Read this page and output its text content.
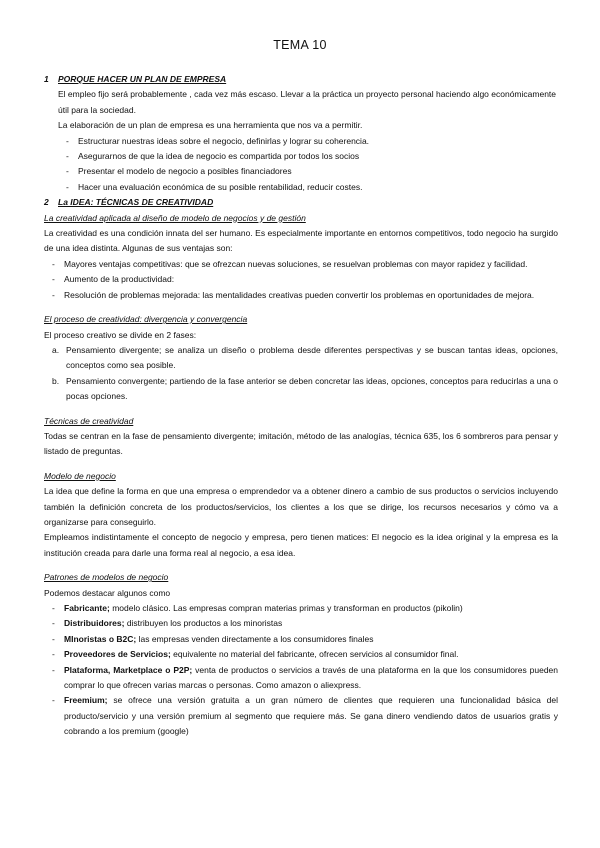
TEMA 10
1	PORQUE HACER UN PLAN DE EMPRESA

El empleo fijo será probablemente , cada vez más escaso. Llevar a la práctica un proyecto personal haciendo algo económicamente útil para la sociedad.

La elaboración de un plan de empresa es una herramienta que nos va a permitir.

- Estructurar nuestras ideas sobre el negocio, definirlas y lograr su coherencia.
- Asegurarnos de que la idea de negocio es compartida por todos los socios
- Presentar el modelo de negocio a posibles financiadores
- Hacer una evaluación económica de su posible rentabilidad, reducir costes.
2	La IDEA: TÉCNICAS DE CREATIVIDAD
La creatividad aplicada al diseño de modelo de negocios y de gestión

La creatividad es una condición innata del ser humano. Es especialmente importante en entornos competitivos, todo negocio ha surgido de una idea distinta. Algunas de sus ventajas son:

- Mayores ventajas competitivas: que se ofrezcan nuevas soluciones, se resuelvan problemas con mayor rapidez y facilidad.
- Aumento de la productividad:
- Resolución de problemas mejorada: las mentalidades creativas pueden convertir los problemas en oportunidades de mejora.
El proceso de creatividad: divergencia y convergencia

El proceso creativo se divide en 2 fases:

a. Pensamiento divergente; se analiza un diseño o problema desde diferentes perspectivas y se buscan tantas ideas, opciones, conceptos como sea posible.
b. Pensamiento convergente; partiendo de la fase anterior se deben concretar las ideas, opciones, conceptos para reducirlas a una o pocas opciones.
Técnicas de creatividad

Todas se centran en la fase de pensamiento divergente; imitación, método de las analogías, técnica 635, los 6 sombreros para pensar y listado de preguntas.

Modelo de negocio

La idea que define la forma en que una empresa o emprendedor va a obtener dinero a cambio de sus productos o servicios incluyendo también la definición concreta de los productos/servicios, los clientes a los que se dirige, los recursos necesarios y cómo va a organizarse para conseguirlo.

Empleamos indistintamente el concepto de negocio y empresa, pero tienen matices: El negocio es la idea original y la empresa es la institución creada para darle una forma real al negocio, a esa idea.

Patrones de modelos de negocio

Podemos destacar algunos como

- Fabricante; modelo clásico. Las empresas compran materias primas y transforman en productos (pikolin)
- Distribuidores; distribuyen los productos a los minoristas
- MInoristas o B2C; las empresas venden directamente a los consumidores finales
- Proveedores de Servicios; equivalente no material del fabricante, ofrecen servicios al consumidor final.
- Plataforma, Marketplace o P2P; venta de productos o servicios a través de una plataforma en la que los consumidores pueden comprar lo que ofrecen varias marcas o personas. Como amazon o aliexpress.
- Freemium; se ofrece una versión gratuita a un gran número de clientes que requieren una funcionalidad básica del producto/servicio y una versión premium al segmento que requiere más. Se gana dinero vendiendo datos de usuarios gratis y cobrando a los premium (google)
